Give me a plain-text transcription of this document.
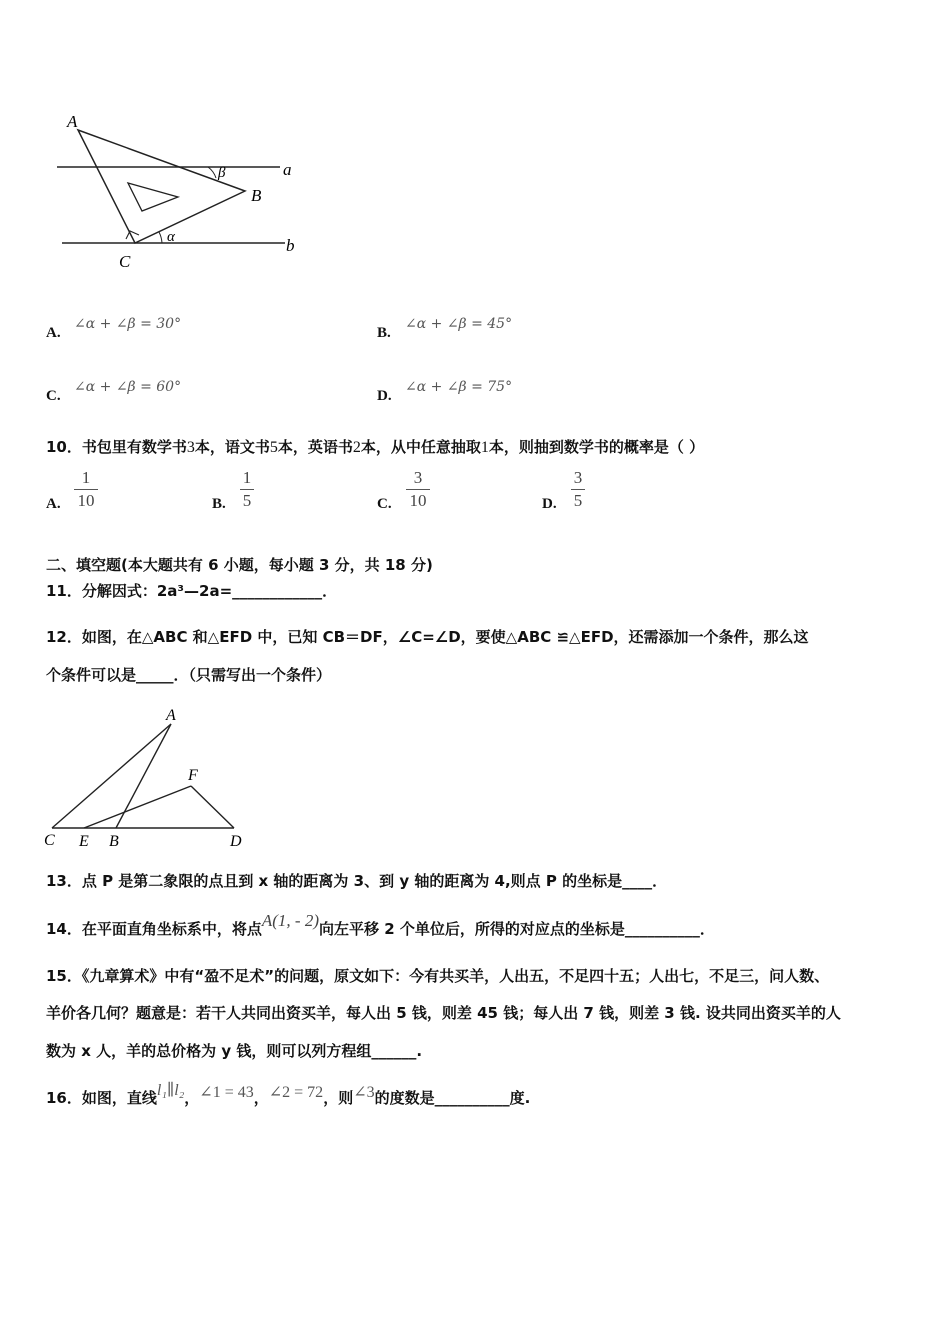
A
B
C
α
β	a
b
A.
∠α + ∠β = 30°
B.
∠α + ∠β = 45°
C.
∠α + ∠β = 60°
D.
∠α + ∠β = 75°
10．书包里有数学书3本，语文书5本，英语书2本，从中任意抽取1本，则抽到数学书的概率是（ ）
A.
1
10	B.
1
5	C.
3
10	D.
3
5
二、填空题(本大题共有 6 小题，每小题 3 分，共 18 分)
11．分解因式：2a³—2a=____________．
12．如图，在△ABC 和△EFD 中，已知 CB＝DF，∠C=∠D，要使△ABC ≌△EFD，还需添加一个条件，那么这
个条件可以是_____．（只需写出一个条件）
A
F
C E B	D
13．点 P 是第二象限的点且到 x 轴的距离为 3、到 y 轴的距离为 4,则点 P 的坐标是____．
14．在平面直角坐标系中，将点A(1, - 2)向左平移 2 个单位后，所得的对应点的坐标是__________．
15．《九章算术》中有“盈不足术”的问题，原文如下：今有共买羊，人出五，不足四十五；人出七，不足三，问人数、
羊价各几何？题意是：若干人共同出资买羊，每人出 5 钱，则差 45 钱；每人出 7 钱，则差 3 钱. 设共同出资买羊的人
数为 x 人，羊的总价格为 y 钱，则可以列方程组______.
16．如图，直线l₁∥l₂，∠1 = 43，∠2 = 72，则∠3的度数是__________度.
